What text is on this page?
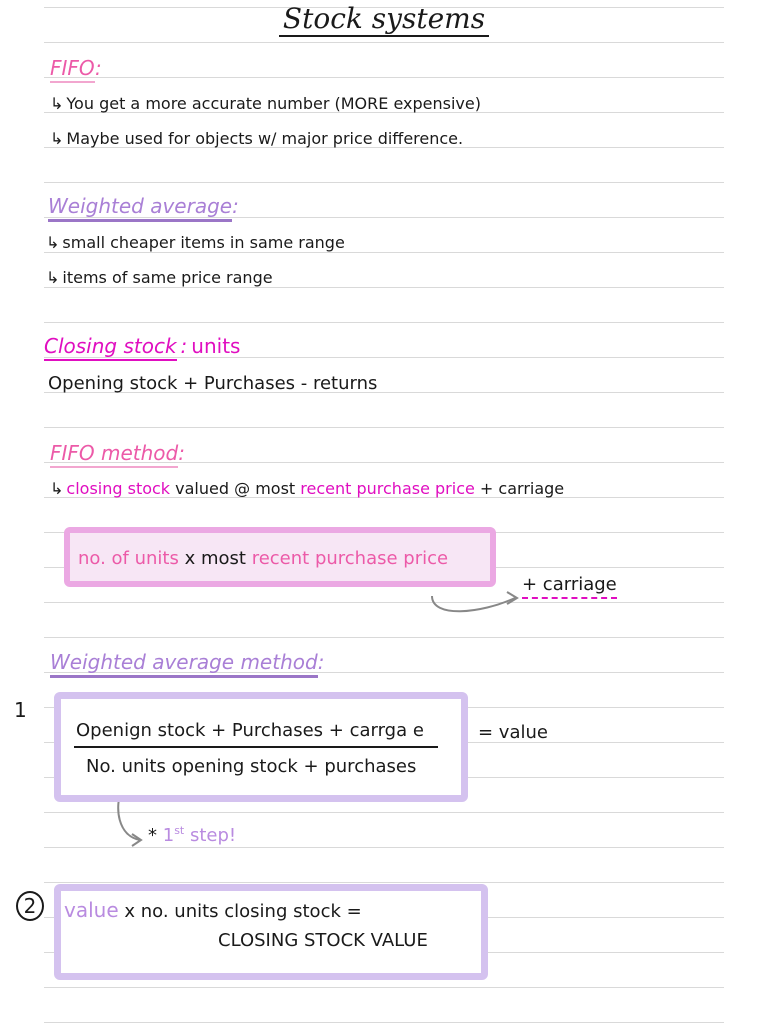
Stock systems
FIFO:
↳ You get a more accurate number (MORE expensive)
↳ Maybe used for objects w/ major price difference.
Weighted average:
↳ small cheaper items in same range
↳ items of same price range
Closing stock : units
Opening stock + Purchases - returns
FIFO method:
↳ closing stock valued @ most recent purchase price + carriage
no. of units x most recent purchase price
+ carriage
Weighted average method:
1
Openign stock + Purchases + carrga e
No. units opening stock + purchases
= value
* 1st step!
2	value x no. units closing stock =
CLOSING STOCK VALUE
